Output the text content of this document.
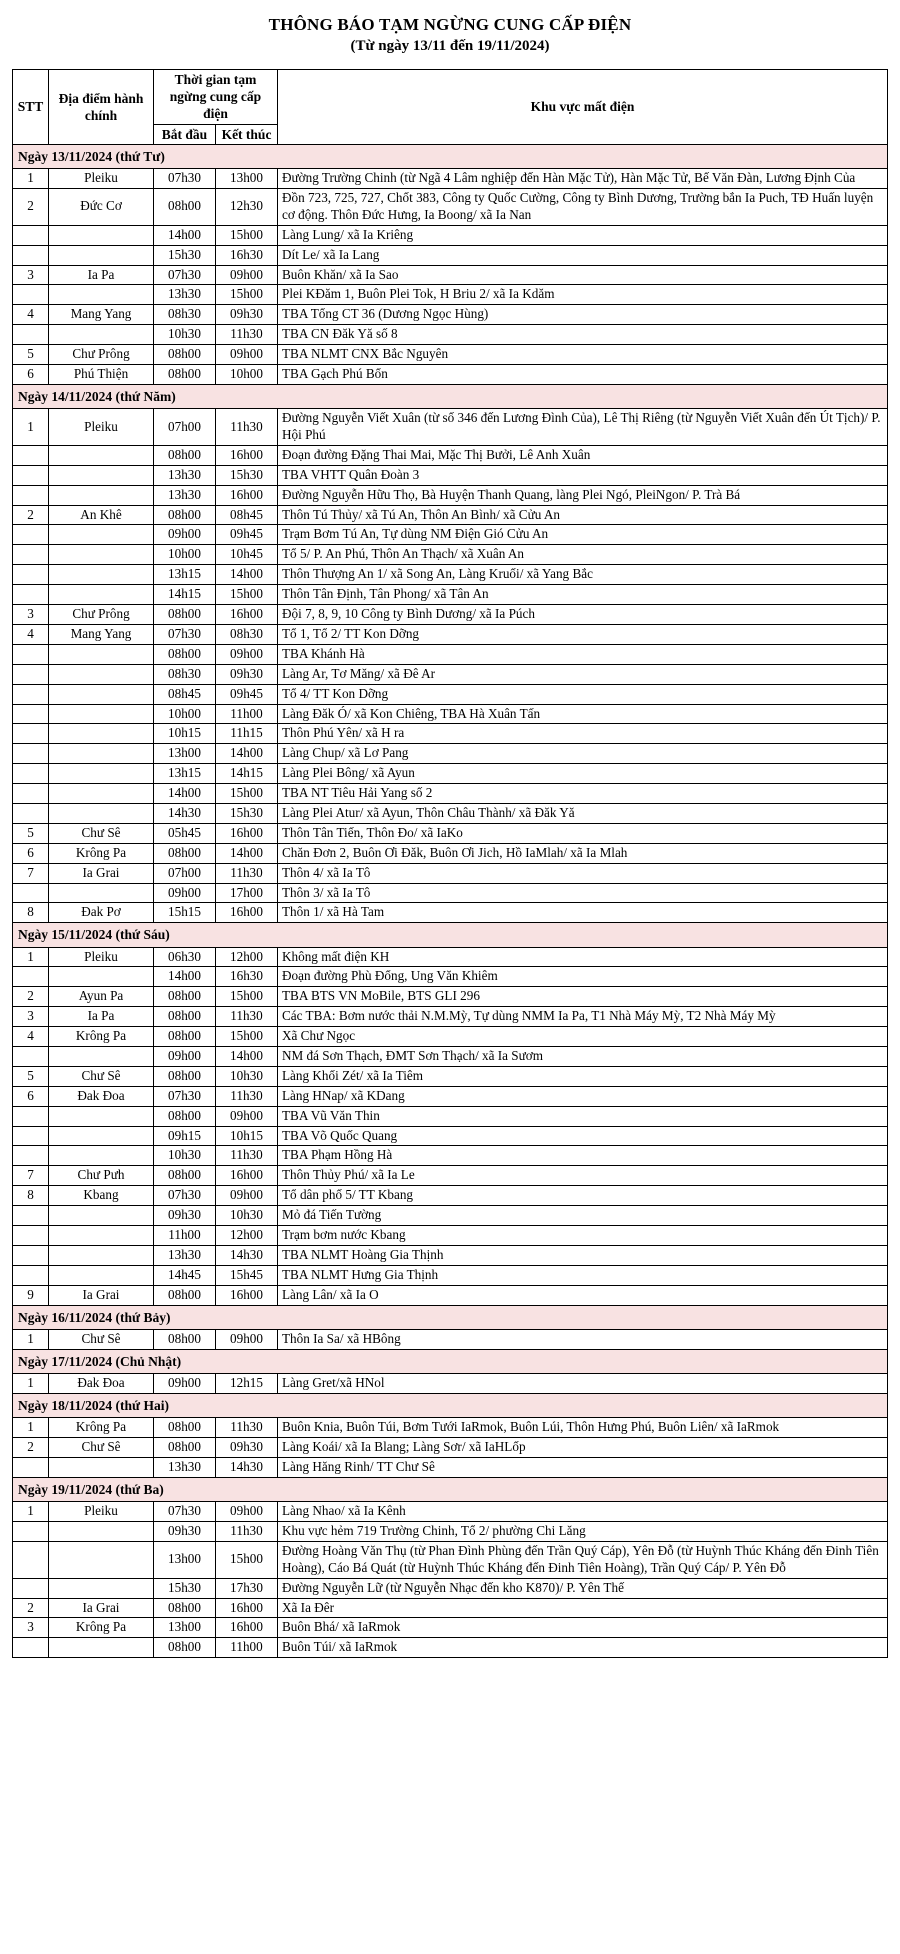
THÔNG BÁO TẠM NGỪNG CUNG CẤP ĐIỆN
(Từ ngày 13/11 đến 19/11/2024)
STT	Địa điểm hành chính	Thời gian tạm ngừng cung cấp điện		Khu vực mất điện
		Bắt đầu	Kết thúc	
Ngày 13/11/2024 (thứ Tư)				
1	Pleiku	07h30	13h00	Đường Trường Chinh (từ Ngã 4 Lâm nghiệp đến Hàn Mặc Tử), Hàn Mặc Tử, Bế Văn Đàn, Lương Định Của
2	Đức Cơ	08h00	12h30	Đồn 723, 725, 727, Chốt 383, Công ty Quốc Cường, Công ty Bình Dương, Trường bắn Ia Puch, TĐ Huấn luyện cơ động. Thôn Đức Hưng, Ia Boong/ xã Ia Nan
		14h00	15h00	Làng Lung/ xã Ia Kriêng
		15h30	16h30	Dít Le/ xã Ia Lang
3	Ia Pa	07h30	09h00	Buôn Khăn/ xã Ia Sao
		13h30	15h00	Plei KĐăm 1, Buôn Plei Tok, H Briu 2/ xã Ia Kdăm
4	Mang Yang	08h30	09h30	TBA Tổng CT 36 (Dương Ngọc Hùng)
		10h30	11h30	TBA CN Đăk Yă số 8
5	Chư Prông	08h00	09h00	TBA NLMT CNX Bắc Nguyên
6	Phú Thiện	08h00	10h00	TBA Gạch Phú Bổn
Ngày 14/11/2024 (thứ Năm)				
1	Pleiku	07h00	11h30	Đường Nguyễn Viết Xuân (từ số 346 đến Lương Đình Của), Lê Thị Riêng (từ Nguyễn Viết Xuân đến Út Tịch)/ P. Hội Phú
		08h00	16h00	Đoạn đường Đặng Thai Mai, Mặc Thị Bưởi, Lê Anh Xuân
		13h30	15h30	TBA VHTT Quân Đoàn 3
		13h30	16h00	Đường Nguyễn Hữu Thọ, Bà Huyện Thanh Quang, làng Plei Ngó, PleiNgon/ P. Trà Bá
2	An Khê	08h00	08h45	Thôn Tú Thủy/ xã Tú An, Thôn An Bình/ xã Cửu An
		09h00	09h45	Trạm Bơm Tú An, Tự dùng NM Điện Gió Cửu An
		10h00	10h45	Tổ 5/ P. An Phú, Thôn An Thạch/ xã Xuân An
		13h15	14h00	Thôn Thượng An 1/ xã Song An, Làng Kruối/ xã Yang Bắc
		14h15	15h00	Thôn Tân Định, Tân Phong/ xã Tân An
3	Chư Prông	08h00	16h00	Đội 7, 8, 9, 10 Công ty Bình Dương/ xã Ia Púch
4	Mang Yang	07h30	08h30	Tổ 1, Tổ 2/ TT Kon Dỡng
		08h00	09h00	TBA Khánh Hà
		08h30	09h30	Làng Ar, Tơ Măng/ xã Đê Ar
		08h45	09h45	Tổ 4/ TT Kon Dỡng
		10h00	11h00	Làng Đăk Ó/ xã Kon Chiêng, TBA Hà Xuân Tấn
		10h15	11h15	Thôn Phú Yên/ xã H ra
		13h00	14h00	Làng Chup/ xã Lơ Pang
		13h15	14h15	Làng Plei Bông/ xã Ayun
		14h00	15h00	TBA NT Tiêu Hải Yang số 2
		14h30	15h30	Làng Plei Atur/ xã Ayun, Thôn Châu Thành/ xã Đăk Yă
5	Chư Sê	05h45	16h00	Thôn Tân Tiến, Thôn Đo/ xã IaKo
6	Krông Pa	08h00	14h00	Chăn Đơn 2, Buôn Ơi Đăk, Buôn Ơi Jich, Hồ IaMlah/ xã Ia Mlah
7	Ia Grai	07h00	11h30	Thôn 4/ xã Ia Tô
		09h00	17h00	Thôn 3/ xã Ia Tô
8	Đak Pơ	15h15	16h00	Thôn 1/ xã Hà Tam
Ngày 15/11/2024 (thứ Sáu)				
1	Pleiku	06h30	12h00	Không mất điện KH
		14h00	16h30	Đoạn đường Phù Đổng, Ung Văn Khiêm
2	Ayun Pa	08h00	15h00	TBA BTS VN MoBile, BTS GLI 296
3	Ia Pa	08h00	11h30	Các TBA: Bơm nước thải N.M.Mỳ, Tự dùng NMM Ia Pa, T1 Nhà Máy Mỳ, T2 Nhà Máy Mỳ
4	Krông Pa	08h00	15h00	Xã Chư Ngọc
		09h00	14h00	NM đá Sơn Thạch, ĐMT Sơn Thạch/ xã Ia Sươm
5	Chư Sê	08h00	10h30	Làng Khối Zét/ xã Ia Tiêm
6	Đak Đoa	07h30	11h30	Làng HNap/ xã KDang
		08h00	09h00	TBA Vũ Văn Thin
		09h15	10h15	TBA Võ Quốc Quang
		10h30	11h30	TBA Phạm Hồng Hà
7	Chư Pưh	08h00	16h00	Thôn Thủy Phú/ xã Ia Le
8	Kbang	07h30	09h00	Tổ dân phố 5/ TT Kbang
		09h30	10h30	Mỏ đá Tiến Tường
		11h00	12h00	Trạm bơm nước Kbang
		13h30	14h30	TBA NLMT Hoàng Gia Thịnh
		14h45	15h45	TBA NLMT Hưng Gia Thịnh
9	Ia Grai	08h00	16h00	Làng Lân/ xã Ia O
Ngày 16/11/2024 (thứ Bảy)				
1	Chư Sê	08h00	09h00	Thôn Ia Sa/ xã HBông
Ngày 17/11/2024 (Chủ Nhật)				
1	Đak Đoa	09h00	12h15	Làng Gret/xã HNol
Ngày 18/11/2024 (thứ Hai)				
1	Krông Pa	08h00	11h30	Buôn Knia, Buôn Túi, Bơm Tưới IaRmok, Buôn Lúi, Thôn Hưng Phú, Buôn Liên/ xã IaRmok
2	Chư Sê	08h00	09h30	Làng Koái/ xã Ia Blang; Làng Sơr/ xã IaHLốp
		13h30	14h30	Làng Hăng Rinh/ TT Chư Sê
Ngày 19/11/2024 (thứ Ba)				
1	Pleiku	07h30	09h00	Làng Nhao/ xã Ia Kênh
		09h30	11h30	Khu vực hẻm 719 Trường Chinh, Tổ 2/ phường Chi Lăng
		13h00	15h00	Đường Hoàng Văn Thụ (từ Phan Đình Phùng đến Trần Quý Cáp), Yên Đỗ (từ Huỳnh Thúc Kháng đến Đinh Tiên Hoàng), Cáo Bá Quát (từ Huỳnh Thúc Kháng đến Đinh Tiên Hoàng), Trần Quý Cáp/ P. Yên Đỗ
		15h30	17h30	Đường Nguyễn Lữ (từ Nguyễn Nhạc đến kho K870)/ P. Yên Thế
2	Ia Grai	08h00	16h00	Xã Ia Đêr
3	Krông Pa	13h00	16h00	Buôn Bhá/ xã IaRmok
		08h00	11h00	Buôn Túi/ xã IaRmok
